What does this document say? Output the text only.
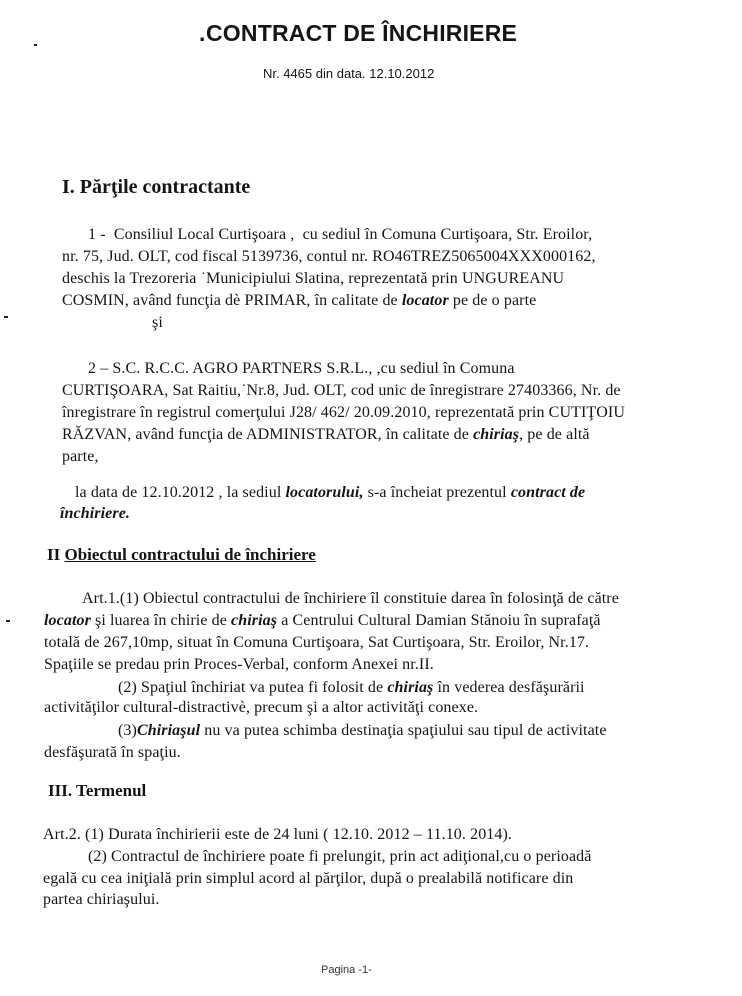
. CONTRACT DE ÎNCHIRIERE
Nr. 4465 din data. 12.10.2012
I. Părţile contractante
1 -  Consiliul Local Curtişoara ,  cu sediul în Comuna Curtişoara, Str. Eroilor,
nr. 75, Jud. OLT, cod fiscal 5139736, contul nr. RO46TREZ5065004XXX000162,
deschis la Trezoreria ˙Municipiului Slatina, reprezentată prin UNGUREANU
COSMIN, având funcţia dè PRIMAR, în calitate de locator pe de o parte
şi
2 – S.C. R.C.C. AGRO PARTNERS S.R.L., ,cu sediul în Comuna
CURTIŞOARA, Sat Raitiu,˙Nr.8, Jud. OLT, cod unic de înregistrare 27403366, Nr. de
înregistrare în registrul comerţului J28/ 462/ 20.09.2010, reprezentată prin CUTIŢOIU
RĂZVAN, având funcţia de ADMINISTRATOR, în calitate de chiriaş, pe de altă
parte,
la data de 12.10.2012 , la sediul locatorului, s-a încheiat prezentul contract de
închiriere.
II Obiectul contractului de închiriere
Art.1.(1) Obiectul contractului de închiriere îl constituie darea în folosinţă de către
locator şi luarea în chirie de chiriaş a Centrului Cultural Damian Stănoiu în suprafaţă
totală de 267,10mp, situat în Comuna Curtişoara, Sat Curtişoara, Str. Eroilor, Nr.17.
Spaţiile se predau prin Proces-Verbal, conform Anexei nr.II.
(2) Spaţiul închiriat va putea fi folosit de chiriaş în vederea desfăşurării
activităţilor cultural-distractivè, precum şi a altor activităţi conexe.
(3)Chiriaşul nu va putea schimba destinaţia spaţiului sau tipul de activitate
desfăşurată în spaţiu.
III. Termenul
Art.2. (1) Durata închirierii este de 24 luni ( 12.10. 2012 – 11.10. 2014).
(2) Contractul de închiriere poate fi prelungit, prin act adiţional,cu o perioadă
egală cu cea iniţială prin simplul acord al părţilor, după o prealabilă notificare din
partea chiriaşului.
Pagina -1-
